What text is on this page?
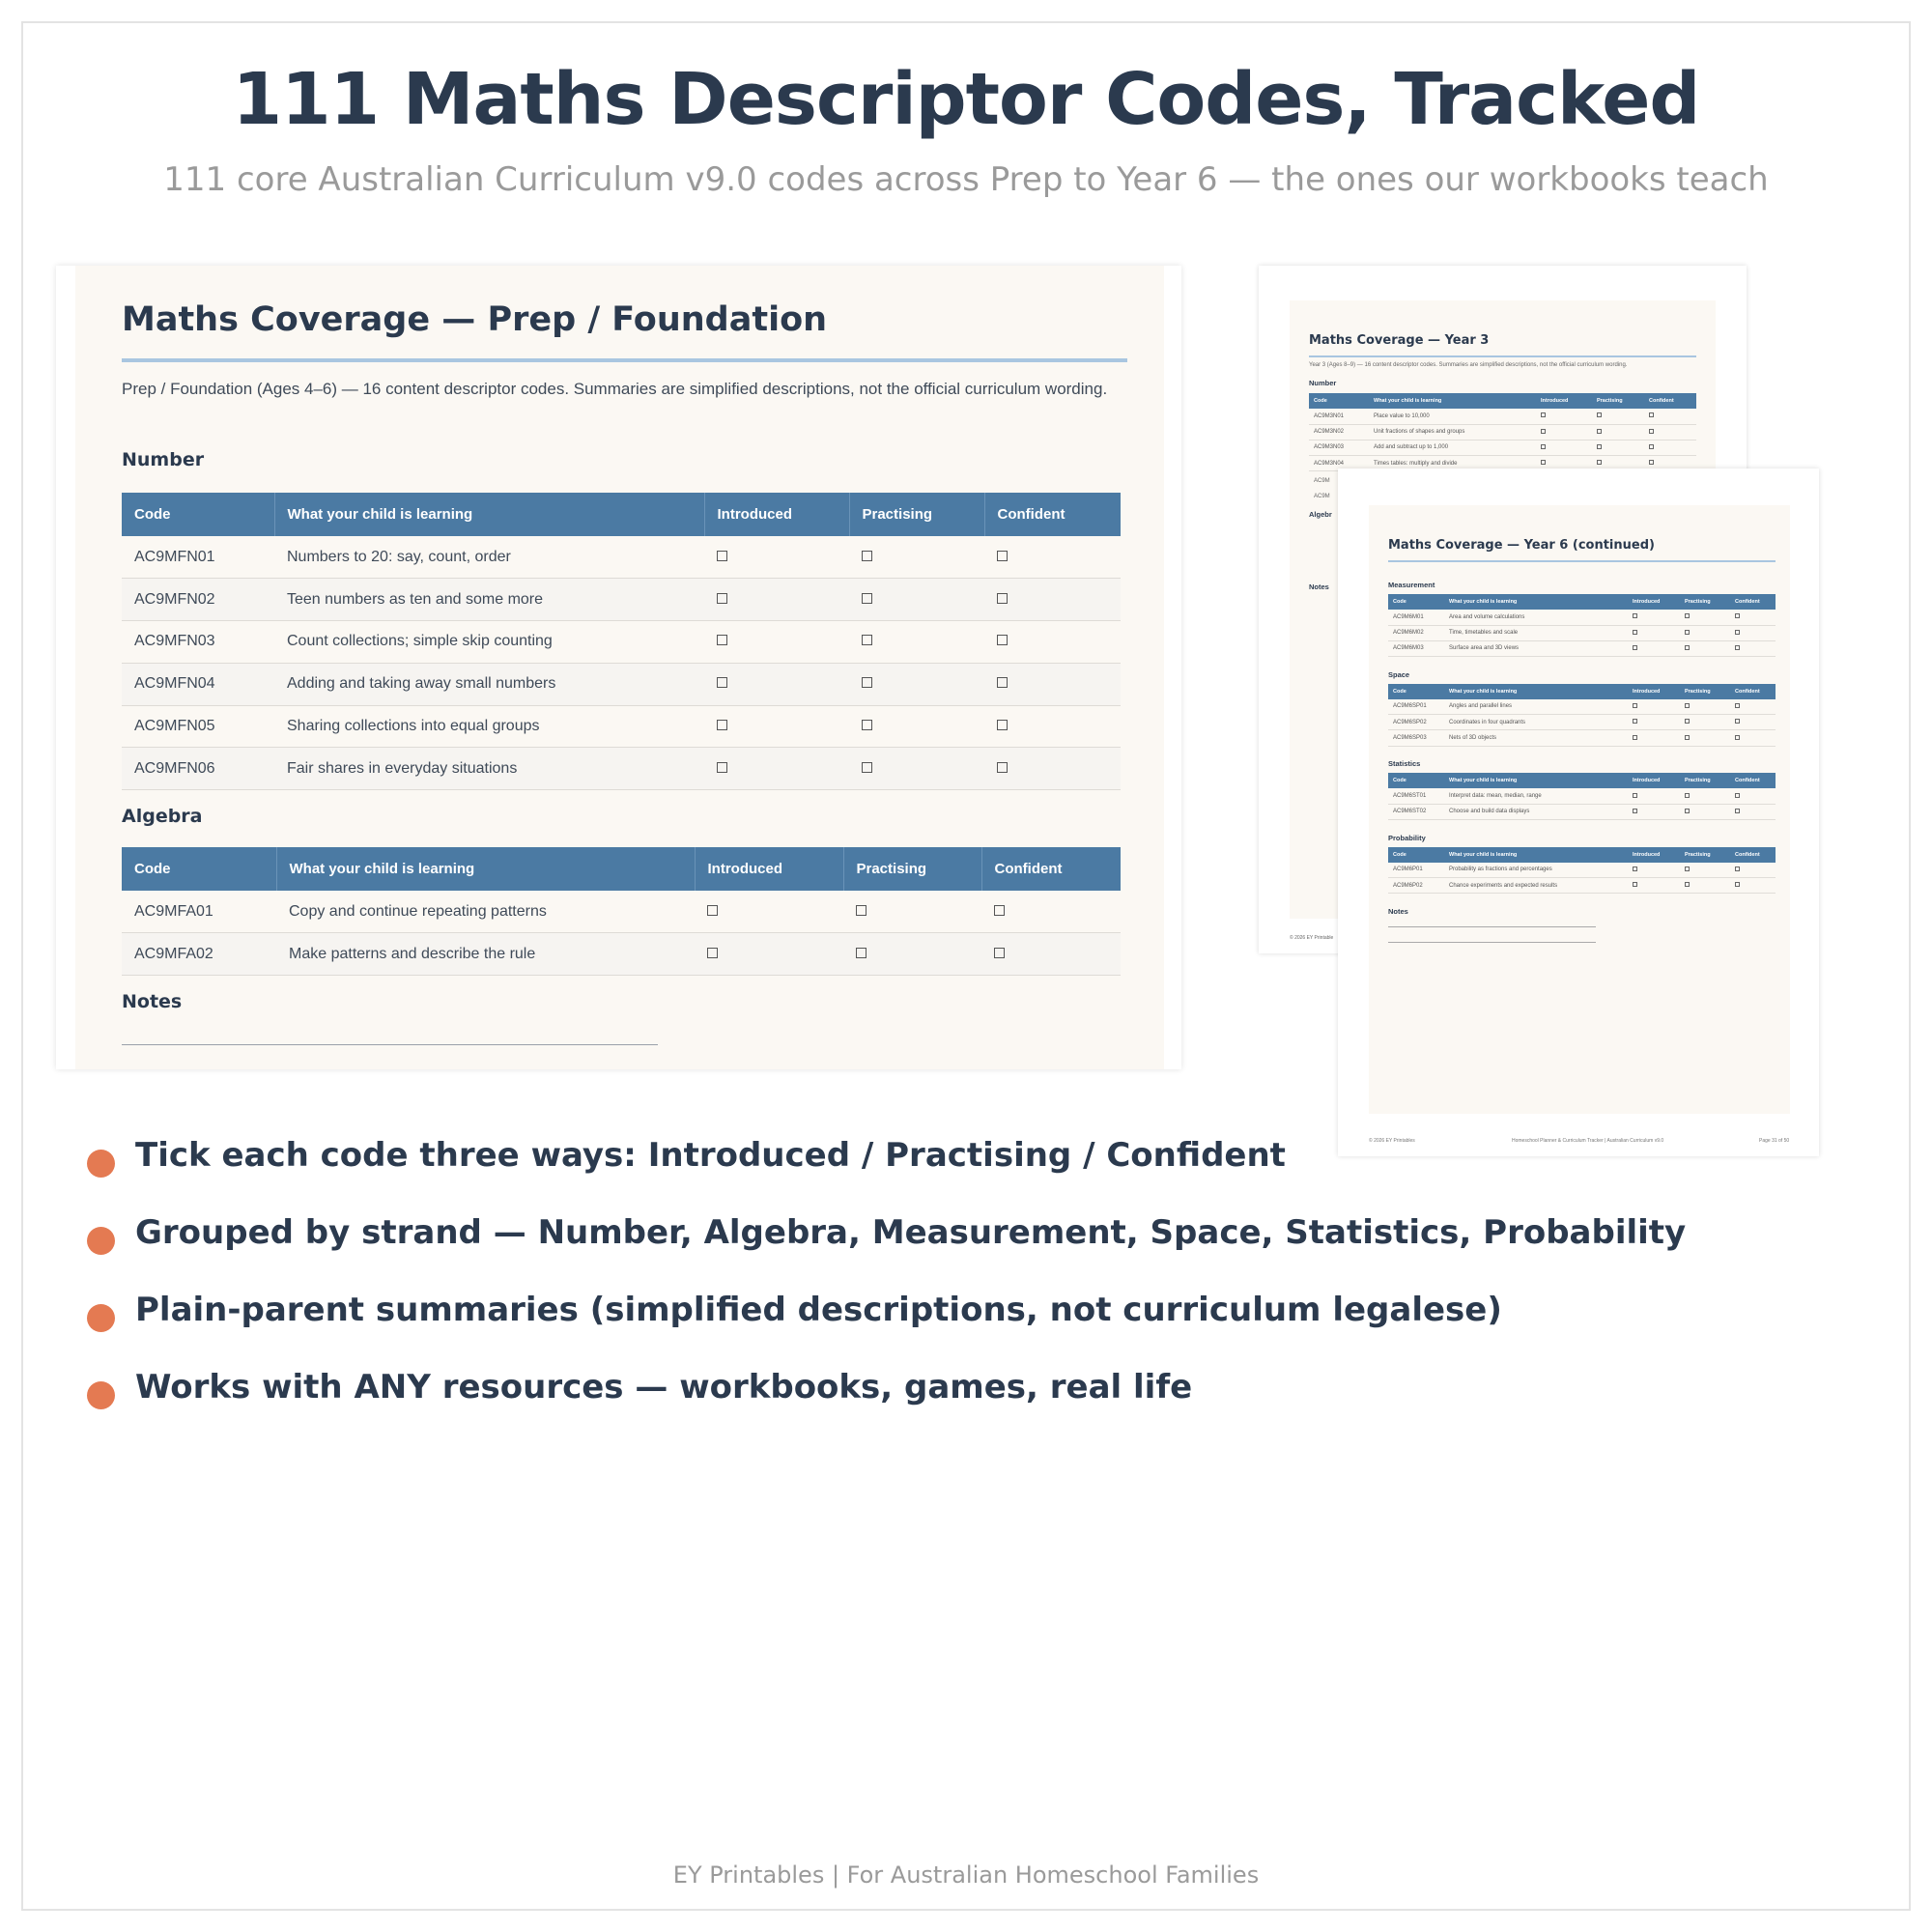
111 Maths Descriptor Codes, Tracked
111 core Australian Curriculum v9.0 codes across Prep to Year 6 — the ones our workbooks teach
Maths Coverage — Prep / Foundation
Prep / Foundation (Ages 4–6) — 16 content descriptor codes. Summaries are simplified descriptions, not the official curriculum wording.
Number
Code	What your child is learning	Introduced	Practising	Confident
AC9MFN01	Numbers to 20: say, count, order			
AC9MFN02	Teen numbers as ten and some more			
AC9MFN03	Count collections; simple skip counting			
AC9MFN04	Adding and taking away small numbers			
AC9MFN05	Sharing collections into equal groups			
AC9MFN06	Fair shares in everyday situations			
Algebra
Code	What your child is learning	Introduced	Practising	Confident
AC9MFA01	Copy and continue repeating patterns			
AC9MFA02	Make patterns and describe the rule			
Notes
Maths Coverage — Year 3
Year 3 (Ages 8–9) — 16 content descriptor codes. Summaries are simplified descriptions, not the official curriculum wording.
Number
Code	What your child is learning	Introduced	Practising	Confident
AC9M3N01	Place value to 10,000			
AC9M3N02	Unit fractions of shapes and groups			
AC9M3N03	Add and subtract up to 1,000			
AC9M3N04	Times tables: multiply and divide			
AC9M
AC9M
Algebr
Notes
© 2026 EY Printable
Maths Coverage — Year 6 (continued)
Measurement
Code	What your child is learning	Introduced	Practising	Confident
AC9M6M01	Area and volume calculations			
AC9M6M02	Time, timetables and scale			
AC9M6M03	Surface area and 3D views			
Space
Code	What your child is learning	Introduced	Practising	Confident
AC9M6SP01	Angles and parallel lines			
AC9M6SP02	Coordinates in four quadrants			
AC9M6SP03	Nets of 3D objects			
Statistics
Code	What your child is learning	Introduced	Practising	Confident
AC9M6ST01	Interpret data: mean, median, range			
AC9M6ST02	Choose and build data displays			
Probability
Code	What your child is learning	Introduced	Practising	Confident
AC9M6P01	Probability as fractions and percentages			
AC9M6P02	Chance experiments and expected results			
Notes
© 2026 EY Printables	Homeschool Planner & Curriculum Tracker | Australian Curriculum v9.0	Page 31 of 50
Tick each code three ways: Introduced / Practising / Confident
Grouped by strand — Number, Algebra, Measurement, Space, Statistics, Probability
Plain-parent summaries (simplified descriptions, not curriculum legalese)
Works with ANY resources — workbooks, games, real life
EY Printables | For Australian Homeschool Families
